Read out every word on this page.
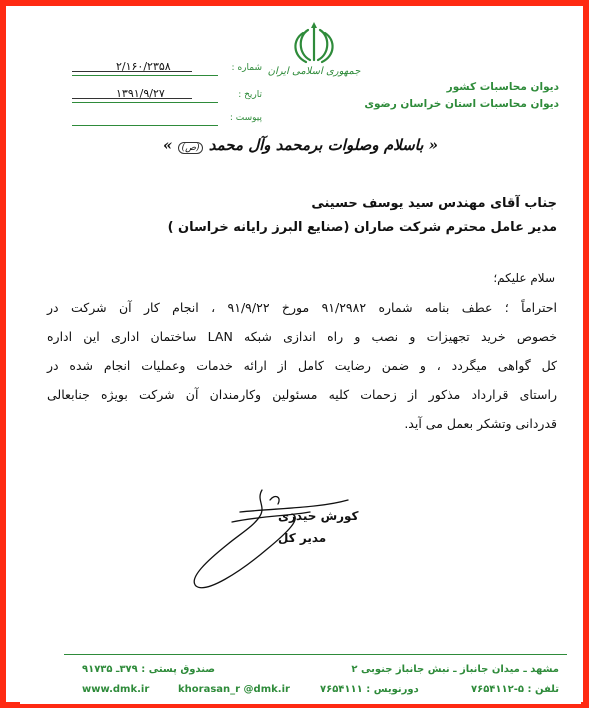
جمهوری اسلامی ایران
۲/۱۶۰/۲۳۵۸	شماره :
۱۳۹۱/۹/۲۷	تاریخ :
پیوست :
دیوان محاسبات کشور
دیوان محاسبات استان خراسان رضوی
« باسلام وصلوات برمحمد وآل محمد (ص) »
جناب آقای مهندس سید یوسف حسینی
مدیر عامل محترم شرکت صاران (صنایع البرز رایانه خراسان )
سلام علیکم؛
احتراماً ؛ عطف بنامه شماره ۹۱/۲۹۸۲ مورخ ۹۱/۹/۲۲ ، انجام کار آن شرکت در
خصوص خرید تجهیزات و نصب و راه اندازی شبکه LAN ساختمان اداری این اداره
کل گواهی میگردد ، و ضمن رضایت کامل از ارائه خدمات وعملیات انجام شده در
راستای قرارداد مذکور از زحمات کلیه مسئولین وکارمندان آن شرکت بویژه جنابعالی
قدردانی وتشکر بعمل می آید.
کورش حیدری
مدیر کل
مشهد ـ میدان جانباز ـ نبش جانباز جنوبی ۲
صندوق پستی : ۳۷۹ـ ۹۱۷۳۵
تلفن : ۵-۷۶۵۴۱۱۲
دورنویس : ۷۶۵۴۱۱۱
khorasan_r @dmk.ir
www.dmk.ir
